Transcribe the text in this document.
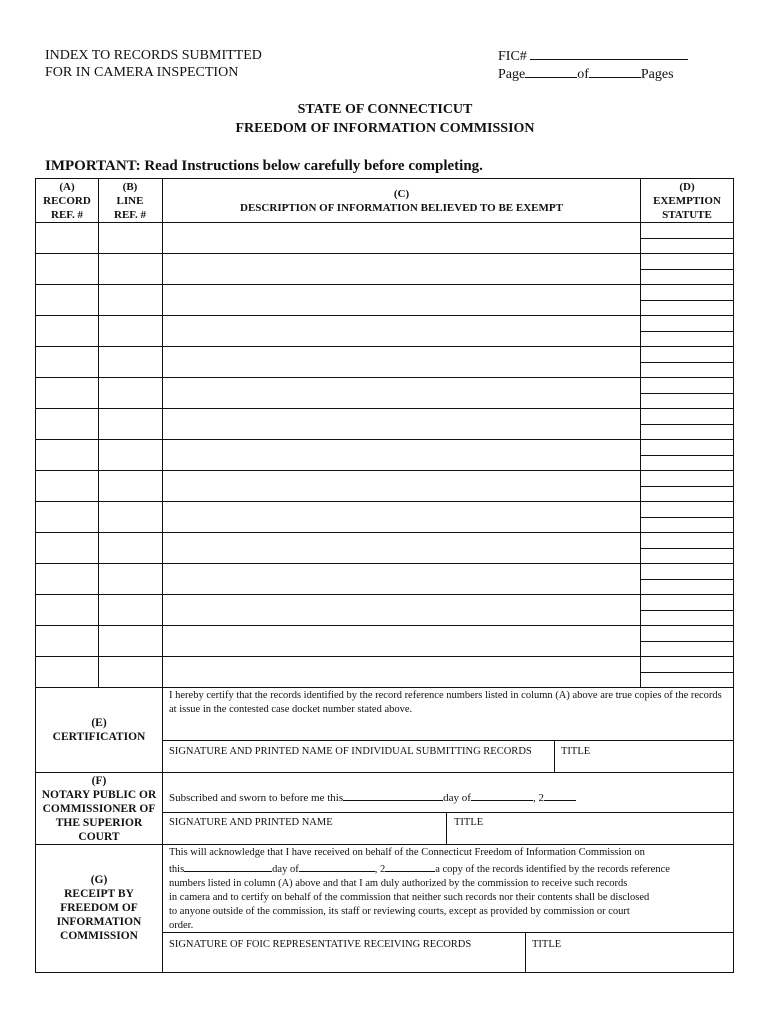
INDEX TO RECORDS SUBMITTED
FOR IN CAMERA INSPECTION
FIC#
Page	of	Pages
STATE OF CONNECTICUT
FREEDOM OF INFORMATION COMMISSION
IMPORTANT: Read Instructions below carefully before completing.
(A)
RECORD
REF. #
(B)
LINE
REF. #
(C)
DESCRIPTION OF INFORMATION BELIEVED TO BE EXEMPT
(D)
EXEMPTION
STATUTE
(E)
CERTIFICATION
I hereby certify that the records identified by the record reference numbers listed in column (A) above are true copies of the records at issue in the contested case docket number stated above.
SIGNATURE AND PRINTED NAME OF INDIVIDUAL SUBMITTING RECORDS	TITLE
(F)
NOTARY PUBLIC OR
COMMISSIONER OF
THE SUPERIOR
COURT
Subscribed and sworn to before me this	day of	, 2
SIGNATURE AND PRINTED NAME	TITLE
(G)
RECEIPT BY
FREEDOM OF
INFORMATION
COMMISSION
This will acknowledge that I have received on behalf of the Connecticut Freedom of Information Commission on
this	day of	, 2	a copy of the records identified by the records reference
numbers listed in column (A) above and that I am duly authorized by the commission to receive such records
in camera and to certify on behalf of the commission that neither such records nor their contents shall be disclosed
to anyone outside of the commission, its staff or reviewing courts, except as provided by commission or court
order.
SIGNATURE OF FOIC REPRESENTATIVE RECEIVING RECORDS	TITLE
